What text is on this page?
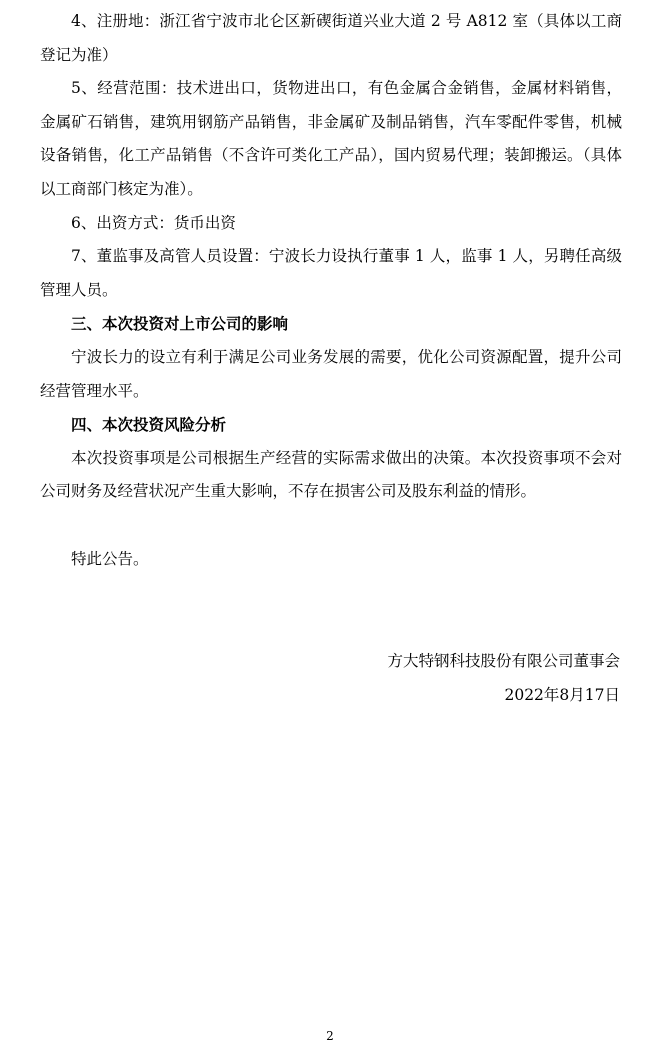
4、注册地：浙江省宁波市北仑区新碶街道兴业大道 2 号 A812 室（具体以工商登记为准）

5、经营范围：技术进出口，货物进出口，有色金属合金销售，金属材料销售，金属矿石销售，建筑用钢筋产品销售，非金属矿及制品销售，汽车零配件零售，机械设备销售，化工产品销售（不含许可类化工产品），国内贸易代理；装卸搬运。（具体以工商部门核定为准）。

6、出资方式：货币出资

7、董监事及高管人员设置：宁波长力设执行董事 1 人，监事 1 人，另聘任高级管理人员。

三、本次投资对上市公司的影响

宁波长力的设立有利于满足公司业务发展的需要，优化公司资源配置，提升公司经营管理水平。

四、本次投资风险分析

本次投资事项是公司根据生产经营的实际需求做出的决策。本次投资事项不会对公司财务及经营状况产生重大影响，不存在损害公司及股东利益的情形。

特此公告。

方大特钢科技股份有限公司董事会
2022年8月17日
2
